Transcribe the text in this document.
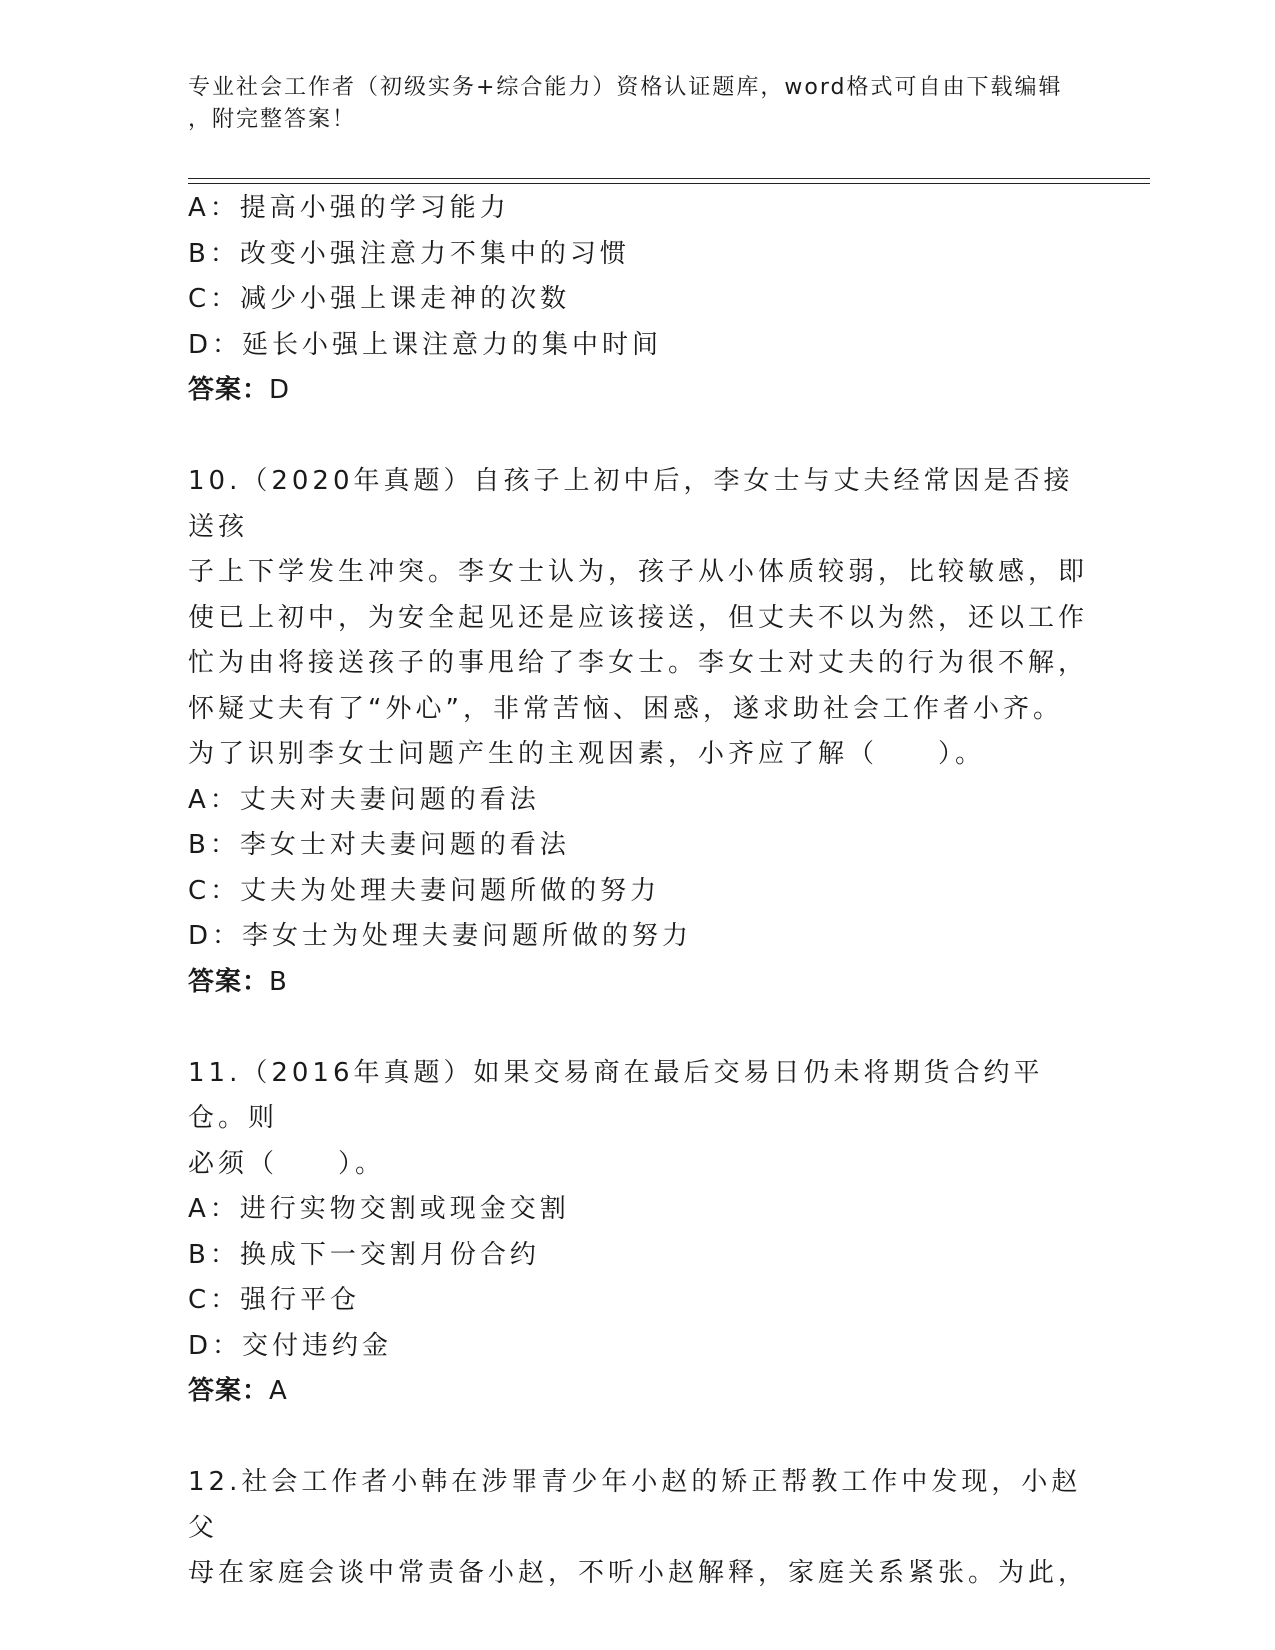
专业社会工作者（初级实务+综合能力）资格认证题库，word格式可自由下载编辑
，附完整答案！
A：提高小强的学习能力
B：改变小强注意力不集中的习惯
C：减少小强上课走神的次数
D：延长小强上课注意力的集中时间
答案：D
10.（2020年真题）自孩子上初中后，李女士与丈夫经常因是否接送孩
子上下学发生冲突。李女士认为，孩子从小体质较弱，比较敏感，即
使已上初中，为安全起见还是应该接送，但丈夫不以为然，还以工作
忙为由将接送孩子的事甩给了李女士。李女士对丈夫的行为很不解，
怀疑丈夫有了“外心”，非常苦恼、困惑，遂求助社会工作者小齐。
为了识别李女士问题产生的主观因素，小齐应了解（　　）。
A：丈夫对夫妻问题的看法
B：李女士对夫妻问题的看法
C：丈夫为处理夫妻问题所做的努力
D：李女士为处理夫妻问题所做的努力
答案：B
11.（2016年真题）如果交易商在最后交易日仍未将期货合约平仓。则
必须（　　）。
A：进行实物交割或现金交割
B：换成下一交割月份合约
C：强行平仓
D：交付违约金
答案：A
12.社会工作者小韩在涉罪青少年小赵的矫正帮教工作中发现，小赵父
母在家庭会谈中常责备小赵，不听小赵解释，家庭关系紧张。为此，
